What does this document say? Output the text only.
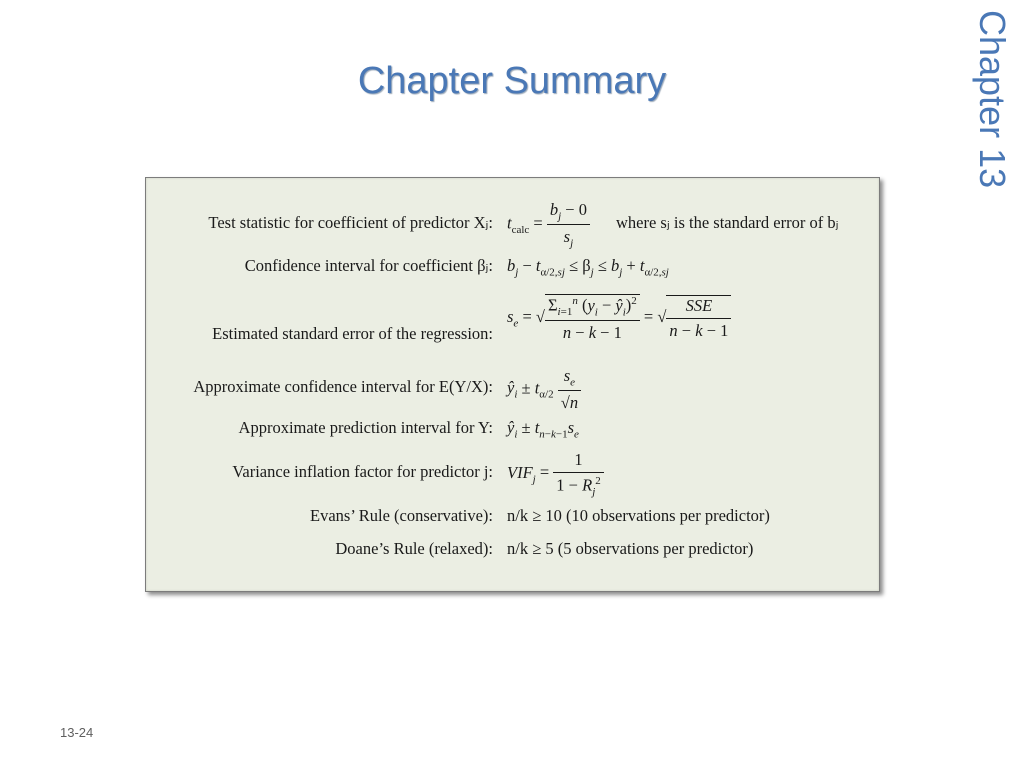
Chapter Summary	Chapter 13
Test statistic for coefficient of predictor Xⱼ: $t_{calc} = \frac{b_j - 0}{s_j}$ where sⱼ is the standard error of bⱼ
Confidence interval for coefficient βⱼ: $b_j - t_{\alpha/2,sj} \le \beta_j \le b_j + t_{\alpha/2,sj}$
Estimated standard error of the regression:
$s_e$ = √ $\frac{\Sigma_{i=1}^n (y_i - ŷ_i)^2}{n - k - 1}$ = √ $\frac{\text{SSE}}{n - k - 1}$
Approximate confidence interval for E(Y/X): $ŷ_i \pm t_{\alpha/2} \frac{s_e}{√n}$
Approximate prediction interval for Y: $ŷ_i \pm t_{n-k-1}s_e$
Variance inflation factor for predictor j: $VIF_j = \frac{1}{1 - R_j^2}$
Evans’ Rule (conservative): n/k ≥ 10 (10 observations per predictor)
Doane’s Rule (relaxed): n/k ≥ 5 (5 observations per predictor)
13-24
